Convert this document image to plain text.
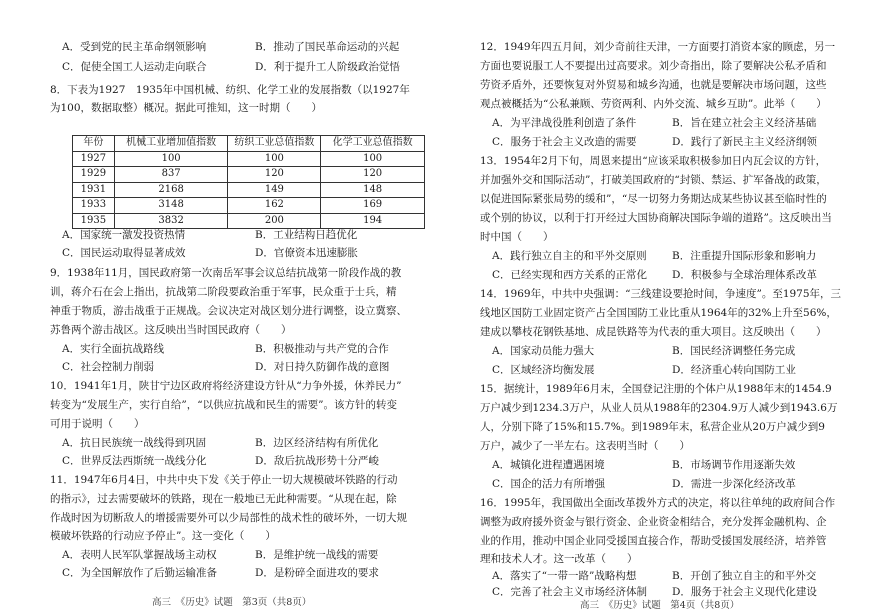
A．受到党的民主革命纲领影响	B．推动了国民革命运动的兴起
C．促使全国工人运动走向联合	D．利于提升工人阶级政治觉悟
8．下表为1927　1935年中国机械、纺织、化学工业的发展指数（以1927年
为100，数据取整）概况。据此可推知，这一时期（　　）
年份	机械工业增加值指数	纺织工业总值指数	化学工业总值指数
1927	100	100	100
1929	837	120	120
1931	2168	149	148
1933	3148	162	169
1935	3832	200	194
A．国家统一激发投资热情	B．工业结构日趋优化
C．国民运动取得显著成效	D．官僚资本迅速膨胀
9．1938年11月，国民政府第一次南岳军事会议总结抗战第一阶段作战的教
训，蒋介石在会上指出，抗战第二阶段要政治重于军事，民众重于士兵，精
神重于物质，游击战重于正规战。会议决定对战区划分进行调整，设立冀察、
苏鲁两个游击战区。这反映出当时国民政府（　　）
A．实行全面抗战路线	B．积极推动与共产党的合作
C．社会控制力削弱	D．对日持久防御作战的意图
10．1941年1月，陕甘宁边区政府将经济建设方针从“力争外援，休养民力”
转变为“发展生产，实行自给”，“以供应抗战和民生的需要”。该方针的转变
可用于说明（　　）
A．抗日民族统一战线得到巩固	B．边区经济结构有所优化
C．世界反法西斯统一战线分化	D．敌后抗战形势十分严峻
11．1947年6月4日，中共中央下发《关于停止一切大规模破坏铁路的行动
的指示》，过去需要破坏的铁路，现在一般地已无此种需要。“从现在起，除
作战时因为切断敌人的增援需要外可以少局部性的战术性的破坏外，一切大规
模破坏铁路的行动应予停止”。这一变化（　　）
A．表明人民军队掌握战场主动权	B．是维护统一战线的需要
C．为全国解放作了后勤运输准备	D．是粉碎全面进攻的要求
高三　《历史》试题　第3页（共8页）
12．1949年四五月间，刘少奇前往天津，一方面要打消资本家的顾虑，另一
方面也要说服工人不要提出过高要求。刘少奇指出，除了要解决公私矛盾和
劳资矛盾外，还要恢复对外贸易和城乡沟通，也就是要解决市场问题，这些
观点被概括为“公私兼顾、劳资两利、内外交流、城乡互助”。此举（　　）
A．为平津战役胜利创造了条件	B．旨在建立社会主义经济基础
C．服务于社会主义改造的需要	D．践行了新民主主义经济纲领
13．1954年2月下旬，周恩来提出“应该采取积极参加日内瓦会议的方针，
并加强外交和国际活动”，打破美国政府的“封锁、禁运、扩军备战的政策，
以促进国际紧张局势的缓和”，“尽一切努力务期达成某些协议甚至临时性的
或个别的协议，以利于打开经过大国协商解决国际争端的道路”。这反映出当
时中国（　　）
A．践行独立自主的和平外交原则 B．注重提升国际形象和影响力
C．已经实现和西方关系的正常化 D．积极参与全球治理体系改革
14．1969年，中共中央强调：“三线建设要抢时间，争速度”。至1975年，三
线地区国防工业固定资产占全国国防工业比重从1964年的32%上升至56%，
建成以攀枝花钢铁基地、成昆铁路等为代表的重大项目。这反映出（　　）
A．国家动员能力强大	B．国民经济调整任务完成
C．区域经济均衡发展	D．经济重心转向国防工业
15．据统计，1989年6月末，全国登记注册的个体户从1988年末的1454.9
万户减少到1234.3万户，从业人员从1988年的2304.9万人减少到1943.6万
人，分别下降了15%和15.7%。到1989年末，私营企业从20万户减少到9
万户，减少了一半左右。这表明当时（　　）
A．城镇化进程遭遇困境	B．市场调节作用逐渐失效
C．国企的活力有所增强	D．需进一步深化经济改革
16．1995年，我国做出全面改革拨外方式的决定，将以往单纯的政府间合作
调整为政府援外资金与银行资金、企业资金相结合，充分发挥金融机构、企
业的作用，推动中国企业同受援国直接合作，帮助受援国发展经济，培养管
理和技术人才。这一改革（　　）
A．落实了“一带一路”战略构想	B．开创了独立自主的和平外交
C．完善了社会主义市场经济体制 D．服务于社会主义现代化建设
高三　《历史》试题　第4页（共8页）
